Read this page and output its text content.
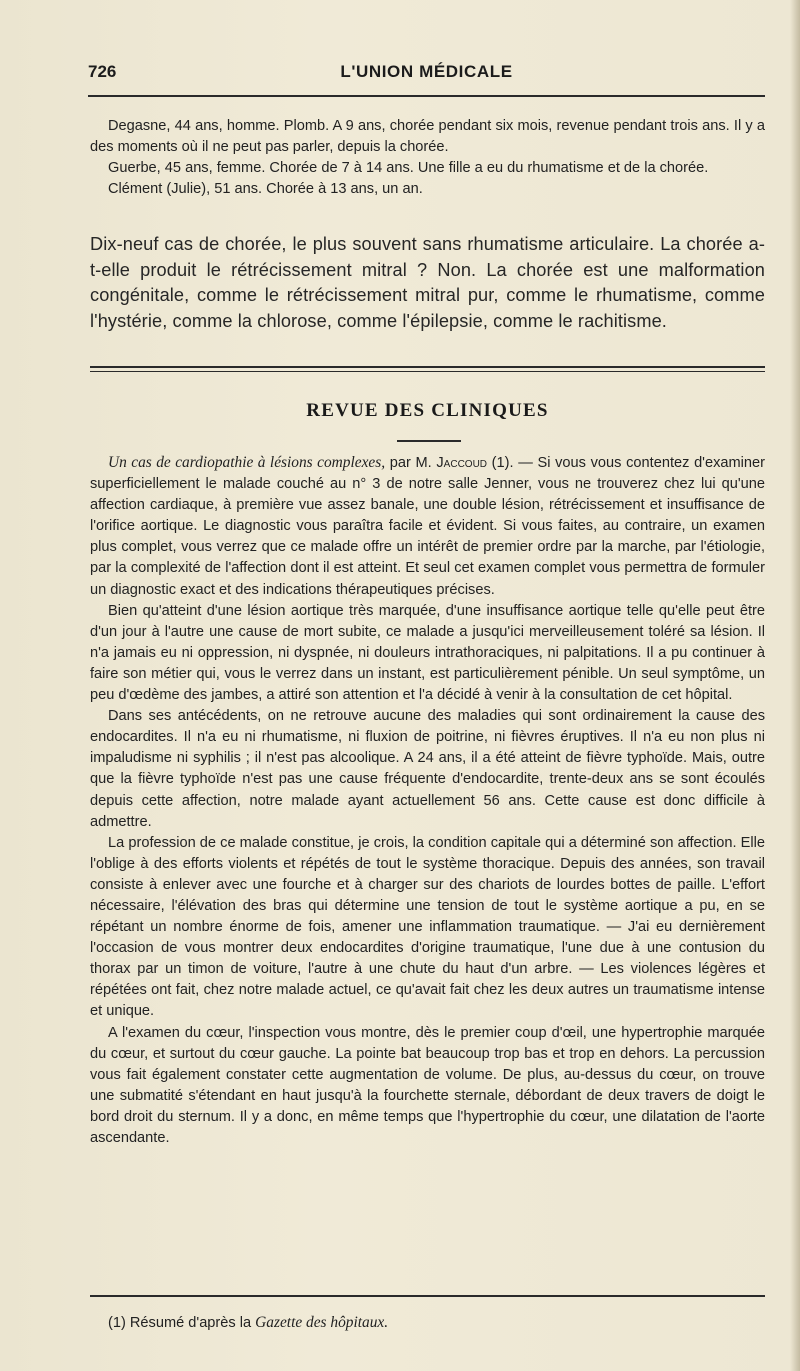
726	L'UNION MÉDICALE

Degasne, 44 ans, homme. Plomb. A 9 ans, chorée pendant six mois, revenue pendant trois ans. Il y a des moments où il ne peut pas parler, depuis la chorée.

Guerbe, 45 ans, femme. Chorée de 7 à 14 ans. Une fille a eu du rhumatisme et de la chorée.

Clément (Julie), 51 ans. Chorée à 13 ans, un an.

Dix-neuf cas de chorée, le plus souvent sans rhumatisme articulaire. La chorée a-t-elle produit le rétrécissement mitral ? Non. La chorée est une malformation congénitale, comme le rétrécissement mitral pur, comme le rhumatisme, comme l'hystérie, comme la chlorose, comme l'épilepsie, comme le rachitisme.

REVUE DES CLINIQUES

Un cas de cardiopathie à lésions complexes, par M. Jaccoud (1). — Si vous vous contentez d'examiner superficiellement le malade couché au n° 3 de notre salle Jenner, vous ne trouverez chez lui qu'une affection cardiaque, à première vue assez banale, une double lésion, rétrécissement et insuffisance de l'orifice aortique. Le diagnostic vous paraîtra facile et évident. Si vous faites, au contraire, un examen plus complet, vous verrez que ce malade offre un intérêt de premier ordre par la marche, par l'étiologie, par la complexité de l'affection dont il est atteint. Et seul cet examen complet vous permettra de formuler un diagnostic exact et des indications thérapeutiques précises.

Bien qu'atteint d'une lésion aortique très marquée, d'une insuffisance aortique telle qu'elle peut être d'un jour à l'autre une cause de mort subite, ce malade a jusqu'ici merveilleusement toléré sa lésion. Il n'a jamais eu ni oppression, ni dyspnée, ni douleurs intrathoraciques, ni palpitations. Il a pu continuer à faire son métier qui, vous le verrez dans un instant, est particulièrement pénible. Un seul symptôme, un peu d'œdème des jambes, a attiré son attention et l'a décidé à venir à la consultation de cet hôpital.

Dans ses antécédents, on ne retrouve aucune des maladies qui sont ordinairement la cause des endocardites. Il n'a eu ni rhumatisme, ni fluxion de poitrine, ni fièvres éruptives. Il n'a eu non plus ni impaludisme ni syphilis ; il n'est pas alcoolique. A 24 ans, il a été atteint de fièvre typhoïde. Mais, outre que la fièvre typhoïde n'est pas une cause fréquente d'endocardite, trente-deux ans se sont écoulés depuis cette affection, notre malade ayant actuellement 56 ans. Cette cause est donc difficile à admettre.

La profession de ce malade constitue, je crois, la condition capitale qui a déterminé son affection. Elle l'oblige à des efforts violents et répétés de tout le système thoracique. Depuis des années, son travail consiste à enlever avec une fourche et à charger sur des chariots de lourdes bottes de paille. L'effort nécessaire, l'élévation des bras qui détermine une tension de tout le système aortique a pu, en se répétant un nombre énorme de fois, amener une inflammation traumatique. — J'ai eu dernièrement l'occasion de vous montrer deux endocardites d'origine traumatique, l'une due à une contusion du thorax par un timon de voiture, l'autre à une chute du haut d'un arbre. — Les violences légères et répétées ont fait, chez notre malade actuel, ce qu'avait fait chez les deux autres un traumatisme intense et unique.

A l'examen du cœur, l'inspection vous montre, dès le premier coup d'œil, une hypertrophie marquée du cœur, et surtout du cœur gauche. La pointe bat beaucoup trop bas et trop en dehors. La percussion vous fait également constater cette augmentation de volume. De plus, au-dessus du cœur, on trouve une submatité s'étendant en haut jusqu'à la fourchette sternale, débordant de deux travers de doigt le bord droit du sternum. Il y a donc, en même temps que l'hypertrophie du cœur, une dilatation de l'aorte ascendante.

(1) Résumé d'après la Gazette des hôpitaux.
